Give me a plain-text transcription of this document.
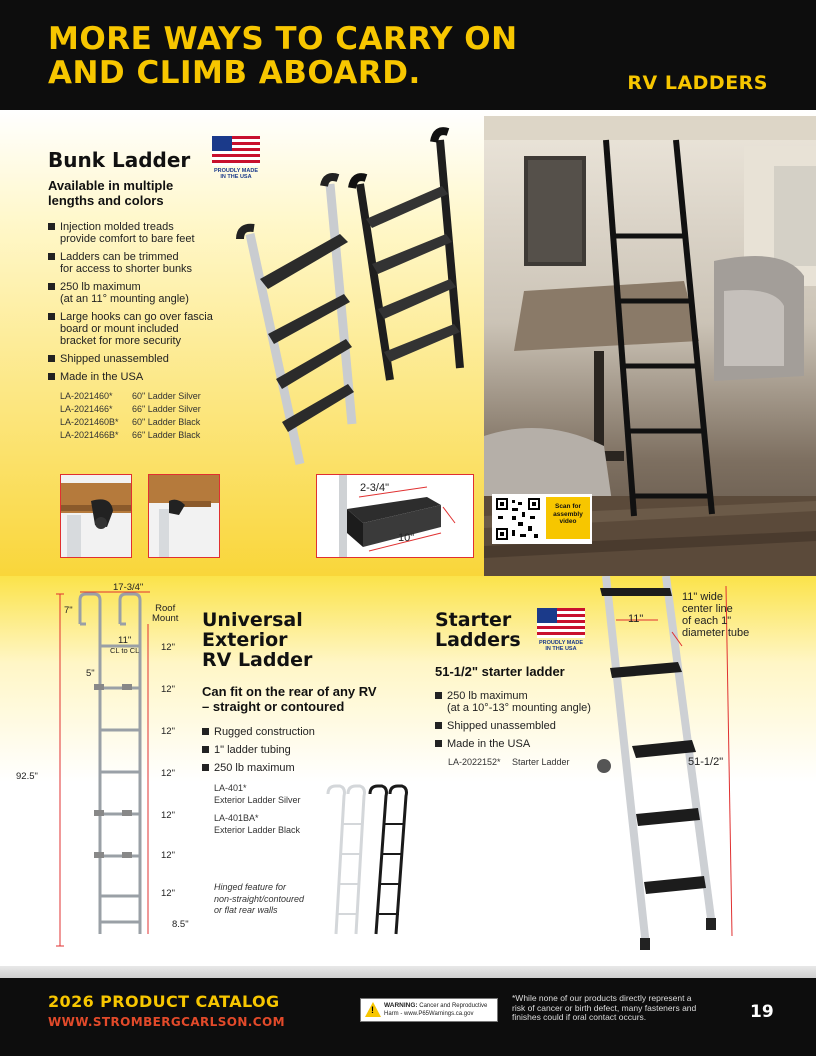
MORE WAYS TO CARRY ON
AND CLIMB ABOARD.	RV LADDERS
Scan for
assembly
video
Bunk Ladder	PROUDLY MADE
IN THE USA
Available in multiple
lengths and colors
Injection molded treads
provide comfort to bare feet
Ladders can be trimmed
for access to shorter bunks
250 lb maximum
(at an 11° mounting angle)
Large hooks can go over fascia
board or mount included
bracket for more security
Shipped unassembled
Made in the USA
LA-2021460* 60" Ladder Silver
LA-2021466* 66" Ladder Silver
LA-2021460B* 60" Ladder Black
LA-2021466B* 66" Ladder Black
2-3/4"
10"
17-3/4"
7"	Roof
Mount
11"
CL to CL
5"
92.5"
12"
12"
12"
12"
12"
12"
12"
8.5"
Universal
Exterior
RV Ladder
Can fit on the rear of any RV
– straight or contoured
Rugged construction
1" ladder tubing
250 lb maximum
LA-401*
Exterior Ladder Silver
LA-401BA*
Exterior Ladder Black
Hinged feature for
non-straight/contoured
or flat rear walls
Starter
Ladders	PROUDLY MADE
IN THE USA
51-1/2" starter ladder
250 lb maximum
(at a 10°-13° mounting angle)
Shipped unassembled
Made in the USA
LA-2022152* Starter Ladder
11"
11" wide
center line
of each 1"
diameter tube
51-1/2"
2026 PRODUCT CATALOG
WWW.STROMBERGCARLSON.COM
! WARNING: Cancer and Reproductive
Harm - www.P65Warnings.ca.gov
*While none of our products directly represent a
risk of cancer or birth defect, many fasteners and
finishes could if oral contact occurs.	19
